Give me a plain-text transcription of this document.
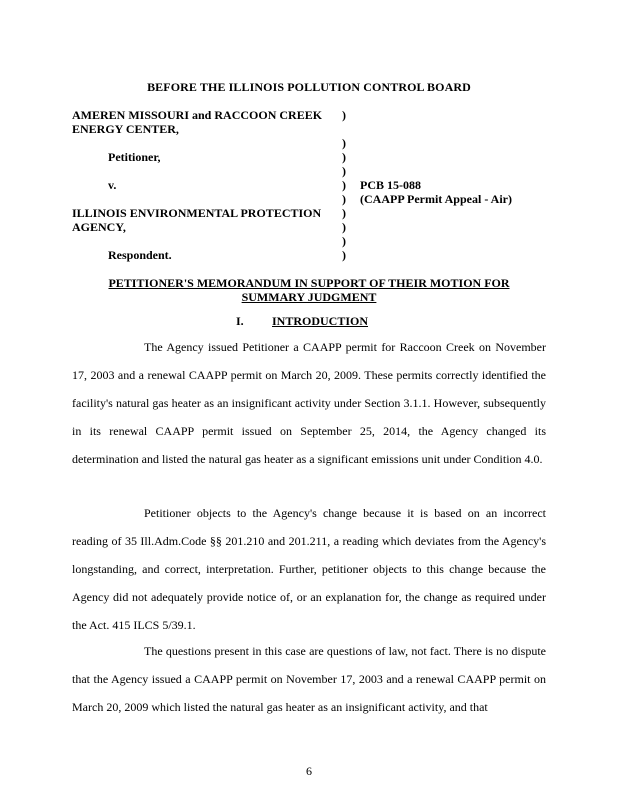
BEFORE THE ILLINOIS POLLUTION CONTROL BOARD
AMEREN MISSOURI and RACCOON CREEK )
ENERGY CENTER,
)
Petitioner,	)
)
v.	) PCB 15-088
) (CAAPP Permit Appeal - Air)
ILLINOIS ENVIRONMENTAL PROTECTION )
AGENCY,	)
)
Respondent.	)
PETITIONER'S MEMORANDUM IN SUPPORT OF THEIR MOTION FOR
SUMMARY JUDGMENT
I. INTRODUCTION

The Agency issued Petitioner a CAAPP permit for Raccoon Creek on November 17, 2003 and a renewal CAAPP permit on March 20, 2009. These permits correctly identified the facility's natural gas heater as an insignificant activity under Section 3.1.1. However, subsequently in its renewal CAAPP permit issued on September 25, 2014, the Agency changed its determination and listed the natural gas heater as a significant emissions unit under Condition 4.0.

Petitioner objects to the Agency's change because it is based on an incorrect reading of 35 Ill.Adm.Code §§ 201.210 and 201.211, a reading which deviates from the Agency's longstanding, and correct, interpretation. Further, petitioner objects to this change because the Agency did not adequately provide notice of, or an explanation for, the change as required under the Act. 415 ILCS 5/39.1.

The questions present in this case are questions of law, not fact. There is no dispute that the Agency issued a CAAPP permit on November 17, 2003 and a renewal CAAPP permit on March 20, 2009 which listed the natural gas heater as an insignificant activity, and that

6
